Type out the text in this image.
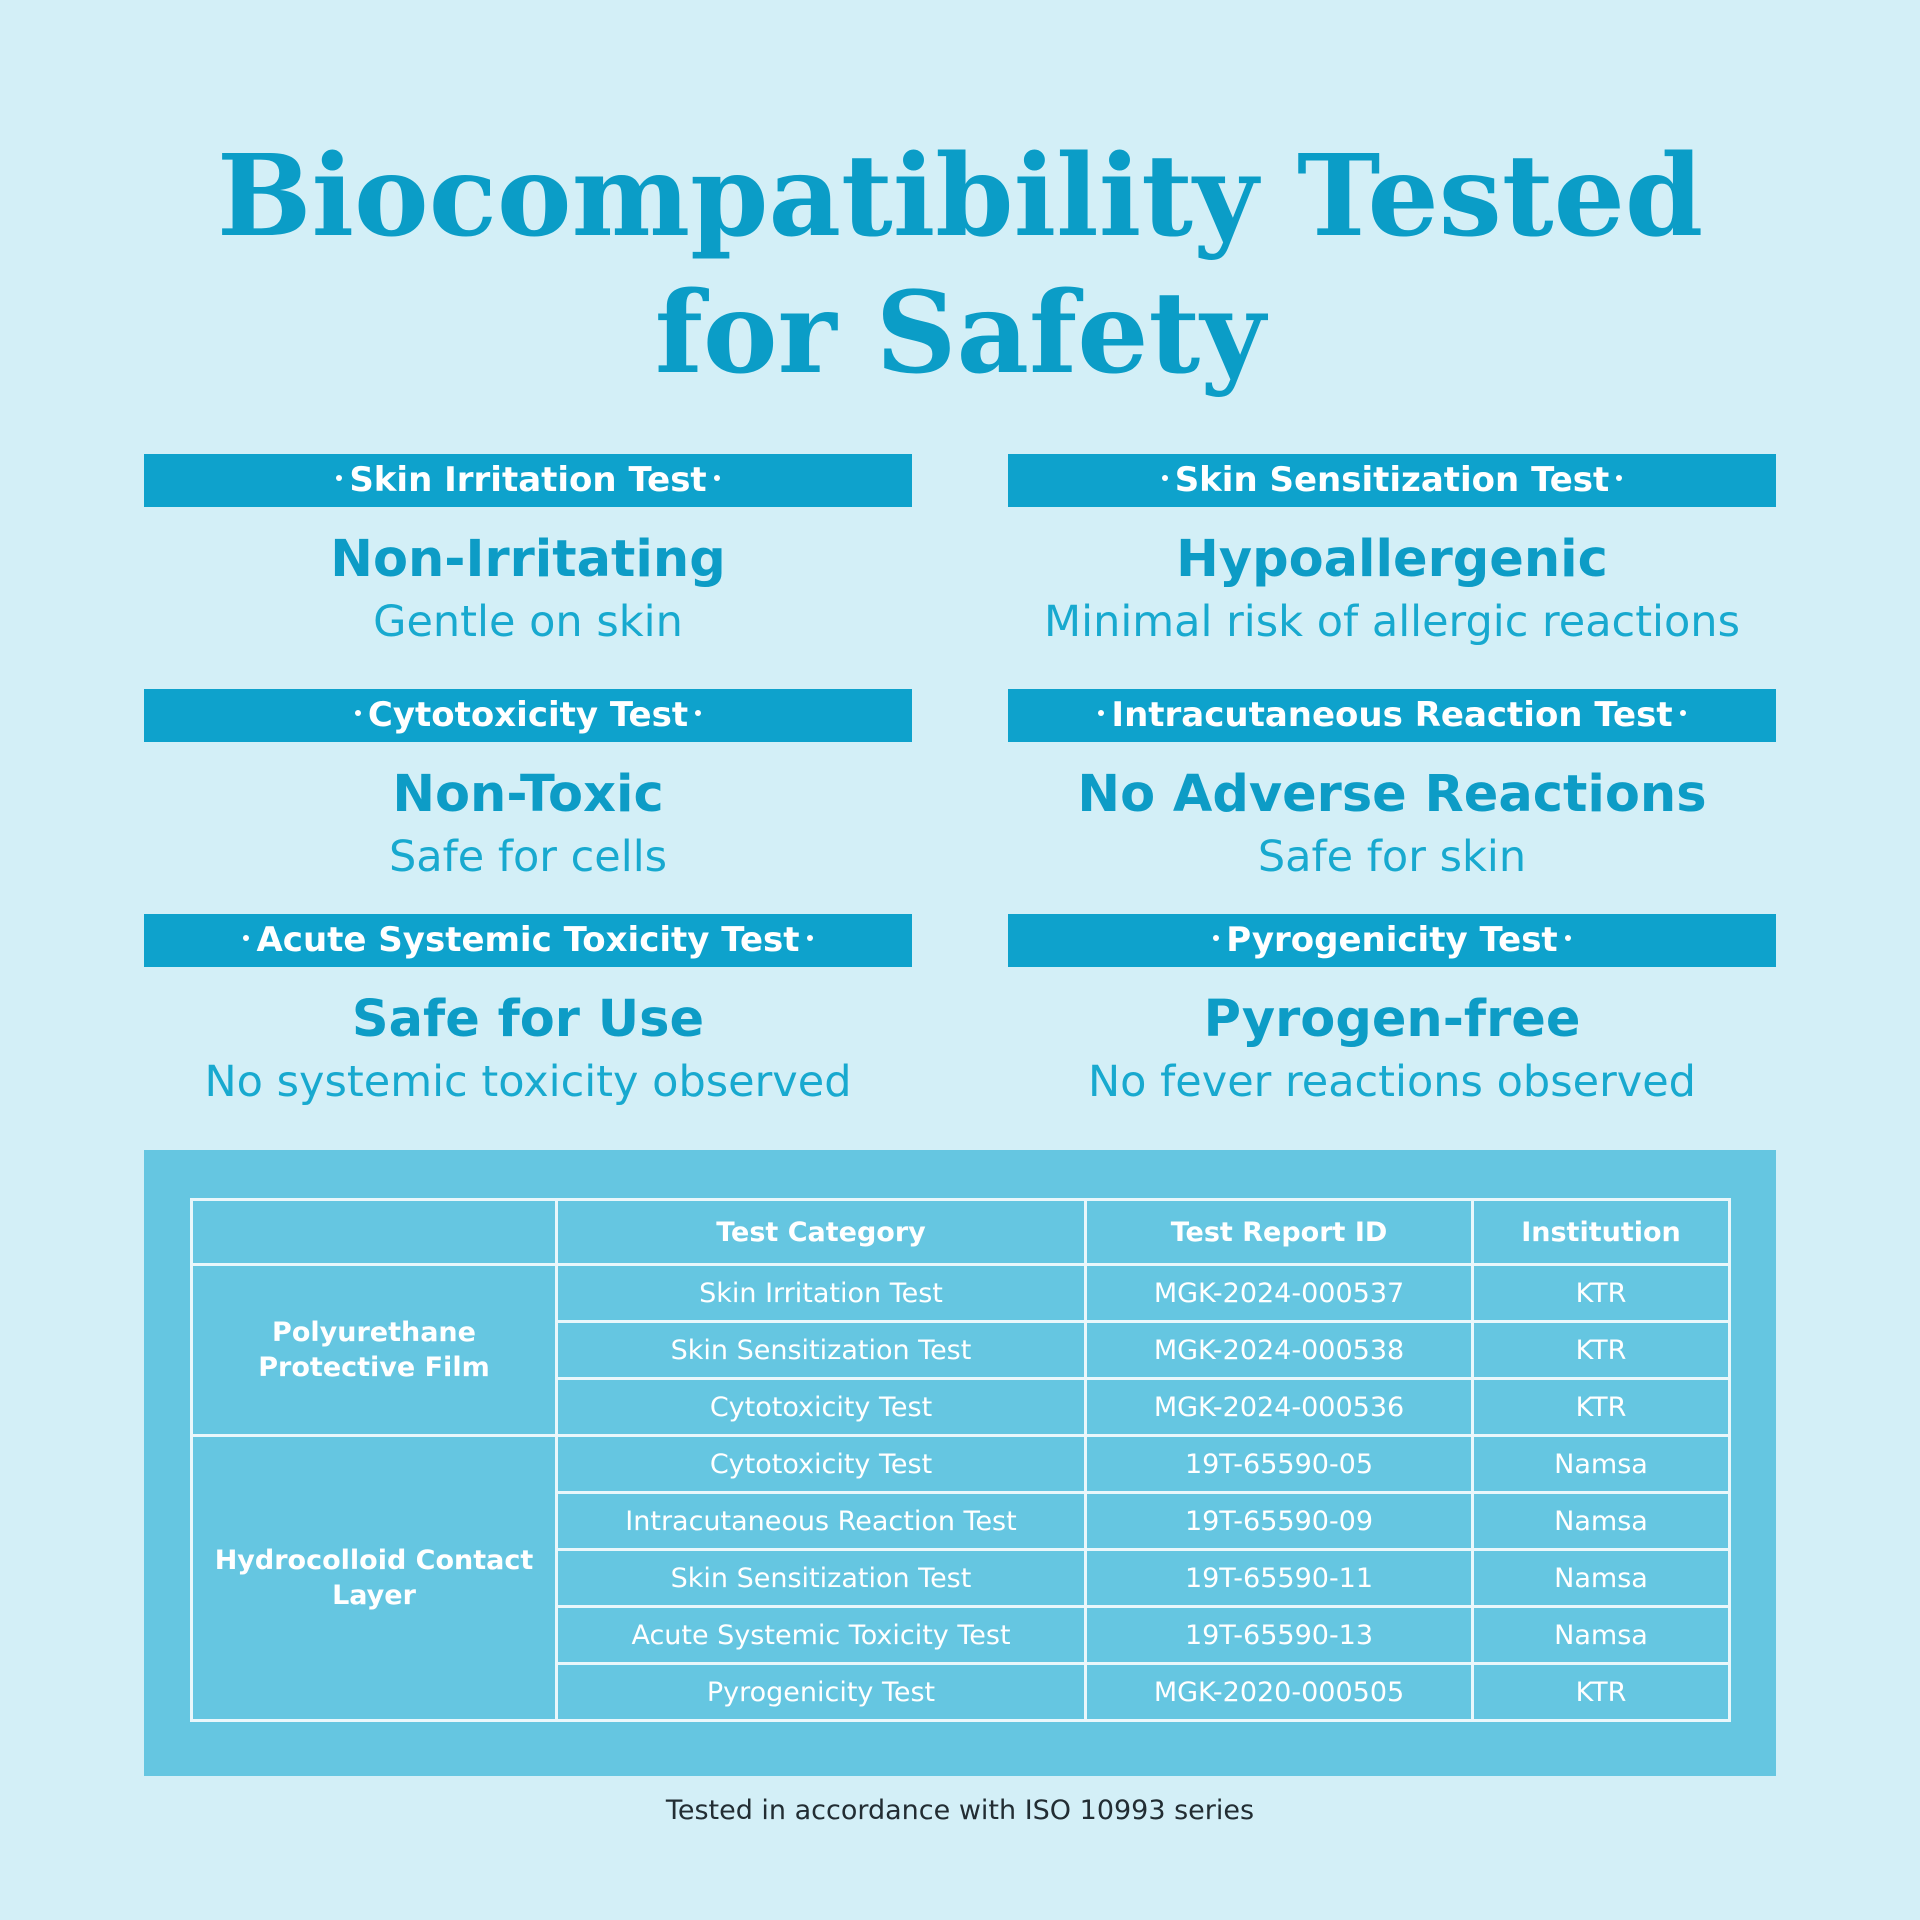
Biocompatibility Tested
for Safety
Skin Irritation Test
Non-Irritating
Gentle on skin
Skin Sensitization Test
Hypoallergenic
Minimal risk of allergic reactions
Cytotoxicity Test
Non-Toxic
Safe for cells
Intracutaneous Reaction Test
No Adverse Reactions
Safe for skin
Acute Systemic Toxicity Test
Safe for Use
No systemic toxicity observed
Pyrogenicity Test
Pyrogen-free
No fever reactions observed
	Test Category	Test Report ID	Institution
Polyurethane Protective Film	Skin Irritation Test	MGK-2024-000537	KTR
	Skin Sensitization Test	MGK-2024-000538	KTR
	Cytotoxicity Test	MGK-2024-000536	KTR
Hydrocolloid Contact Layer	Cytotoxicity Test	19T-65590-05	Namsa
	Intracutaneous Reaction Test	19T-65590-09	Namsa
	Skin Sensitization Test	19T-65590-11	Namsa
	Acute Systemic Toxicity Test	19T-65590-13	Namsa
	Pyrogenicity Test	MGK-2020-000505	KTR
Tested in accordance with ISO 10993 series
